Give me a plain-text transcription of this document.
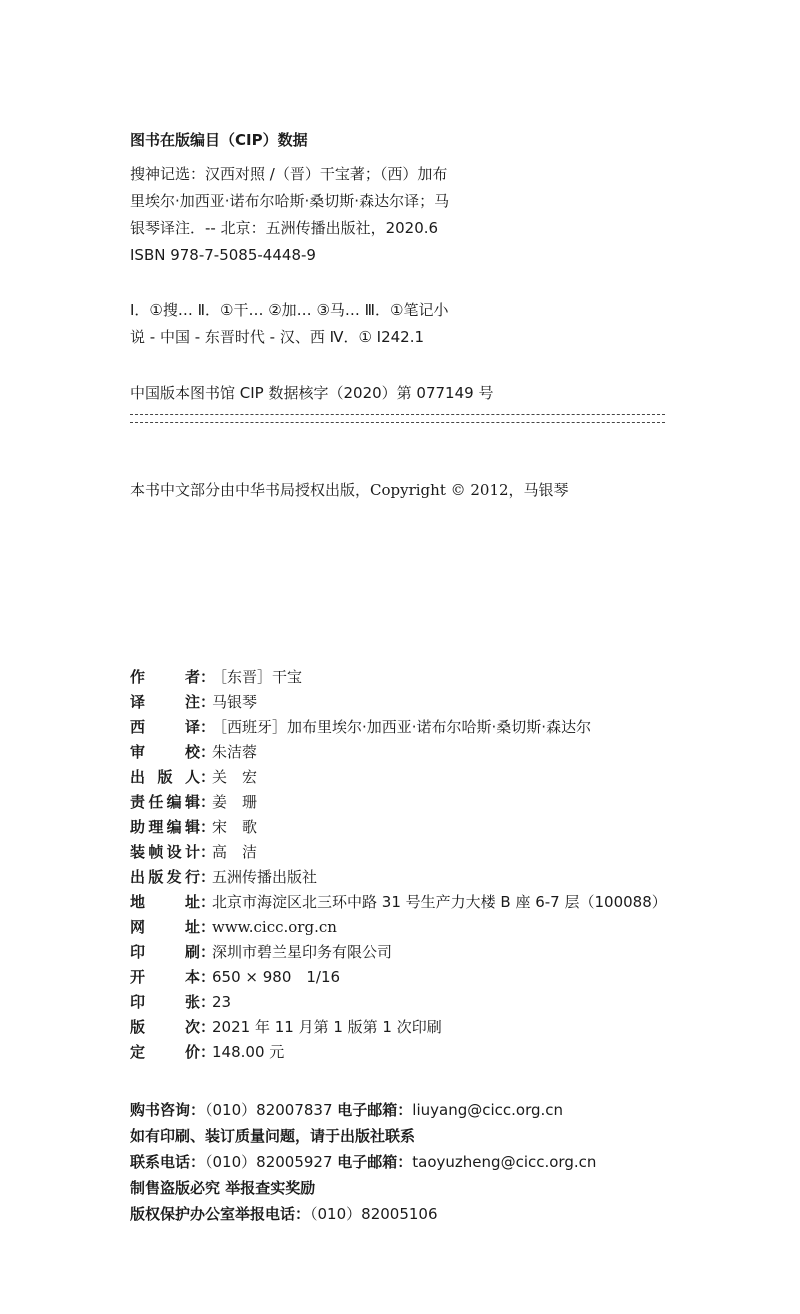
图书在版编目（CIP）数据
搜神记选：汉西对照 /（晋）干宝著；（西）加布
里埃尔·加西亚·诺布尔哈斯·桑切斯·森达尔译；马
银琴译注．-- 北京：五洲传播出版社，2020.6
ISBN 978-7-5085-4448-9
Ⅰ．①搜… Ⅱ．①干… ②加… ③马… Ⅲ．①笔记小
说 - 中国 - 东晋时代 - 汉、西 Ⅳ．① I242.1
中国版本图书馆 CIP 数据核字（2020）第 077149 号
本书中文部分由中华书局授权出版，Copyright © 2012，马银琴
作　　者：［东晋］干宝
译　　注：马银琴
西　　译：［西班牙］加布里埃尔·加西亚·诺布尔哈斯·桑切斯·森达尔
审　　校：朱洁蓉
出 版 人：关　宏
责任编辑：姜　珊
助理编辑：宋　歌
装帧设计：高　洁
出版发行：五洲传播出版社
地　　址：北京市海淀区北三环中路 31 号生产力大楼 B 座 6-7 层（100088）
网　　址：www.cicc.org.cn
印　　刷：深圳市碧兰星印务有限公司
开　　本：650 × 980　1/16
印　　张：23
版　　次：2021 年 11 月第 1 版第 1 次印刷
定　　价：148.00 元
购书咨询：（010）82007837 电子邮箱：liuyang@cicc.org.cn
如有印刷、装订质量问题，请于出版社联系
联系电话：（010）82005927 电子邮箱：taoyuzheng@cicc.org.cn
制售盗版必究 举报查实奖励
版权保护办公室举报电话：（010）82005106
